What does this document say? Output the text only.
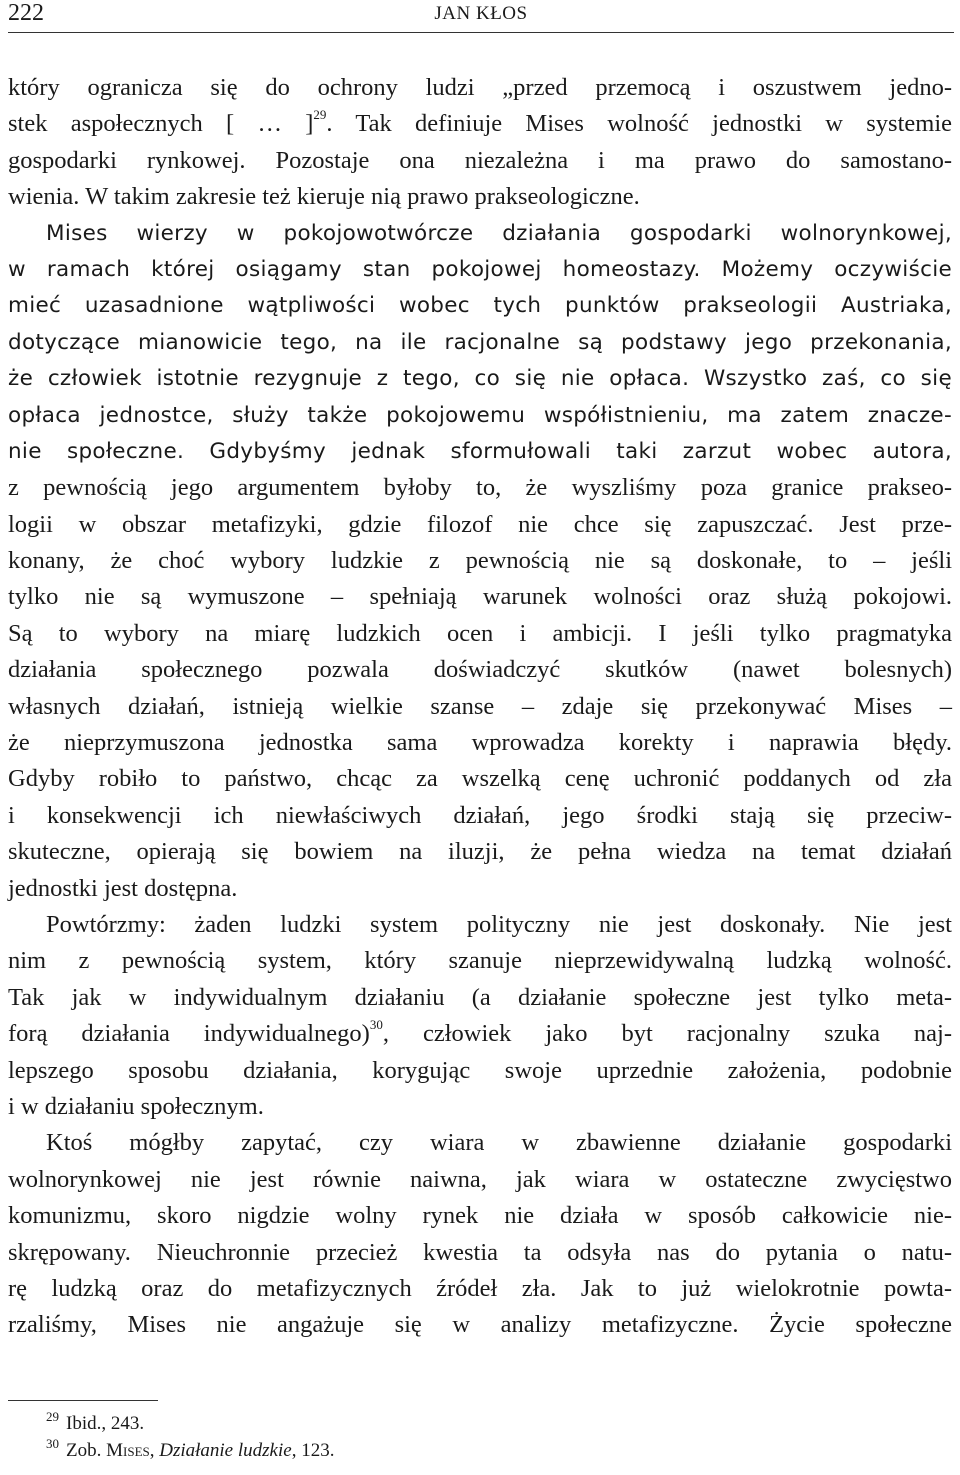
222	JAN KŁOS
który ogranicza się do ochrony ludzi „przed przemocą i oszustwem jedno-
stek aspołecznych [ … ]$^{29}$. Tak definiuje Mises wolność jednostki w systemie
gospodarki rynkowej. Pozostaje ona niezależna i ma prawo do samostano-
wienia. W takim zakresie też kieruje nią prawo prakseologiczne.
Mises wierzy w pokojowotwórcze działania gospodarki wolnorynkowej,
w ramach której osiągamy stan pokojowej homeostazy. Możemy oczywiście
mieć uzasadnione wątpliwości wobec tych punktów prakseologii Austriaka,
dotyczące mianowicie tego, na ile racjonalne są podstawy jego przekonania,
że człowiek istotnie rezygnuje z tego, co się nie opłaca. Wszystko zaś, co się
opłaca jednostce, służy także pokojowemu współistnieniu, ma zatem znacze-
nie społeczne. Gdybyśmy jednak sformułowali taki zarzut wobec autora,
z pewnością jego argumentem byłoby to, że wyszliśmy poza granice prakseo-
logii w obszar metafizyki, gdzie filozof nie chce się zapuszczać. Jest prze-
konany, że choć wybory ludzkie z pewnością nie są doskonałe, to – jeśli
tylko nie są wymuszone – spełniają warunek wolności oraz służą pokojowi.
Są to wybory na miarę ludzkich ocen i ambicji. I jeśli tylko pragmatyka
działania społecznego pozwala doświadczyć skutków (nawet bolesnych)
własnych działań, istnieją wielkie szanse – zdaje się przekonywać Mises –
że nieprzymuszona jednostka sama wprowadza korekty i naprawia błędy.
Gdyby robiło to państwo, chcąc za wszelką cenę uchronić poddanych od zła
i konsekwencji ich niewłaściwych działań, jego środki stają się przeciw-
skuteczne, opierają się bowiem na iluzji, że pełna wiedza na temat działań
jednostki jest dostępna.
Powtórzmy: żaden ludzki system polityczny nie jest doskonały. Nie jest
nim z pewnością system, który szanuje nieprzewidywalną ludzką wolność.
Tak jak w indywidualnym działaniu (a działanie społeczne jest tylko meta-
forą działania indywidualnego)$^{30}$, człowiek jako byt racjonalny szuka naj-
lepszego sposobu działania, korygując swoje uprzednie założenia, podobnie
i w działaniu społecznym.
Ktoś mógłby zapytać, czy wiara w zbawienne działanie gospodarki
wolnorynkowej nie jest równie naiwna, jak wiara w ostateczne zwycięstwo
komunizmu, skoro nigdzie wolny rynek nie działa w sposób całkowicie nie-
skrępowany. Nieuchronnie przecież kwestia ta odsyła nas do pytania o natu-
rę ludzką oraz do metafizycznych źródeł zła. Jak to już wielokrotnie powta-
rzaliśmy, Mises nie angażuje się w analizy metafizyczne. Życie społeczne
29 Ibid., 243.
30 Zob. Mises, Działanie ludzkie, 123.
